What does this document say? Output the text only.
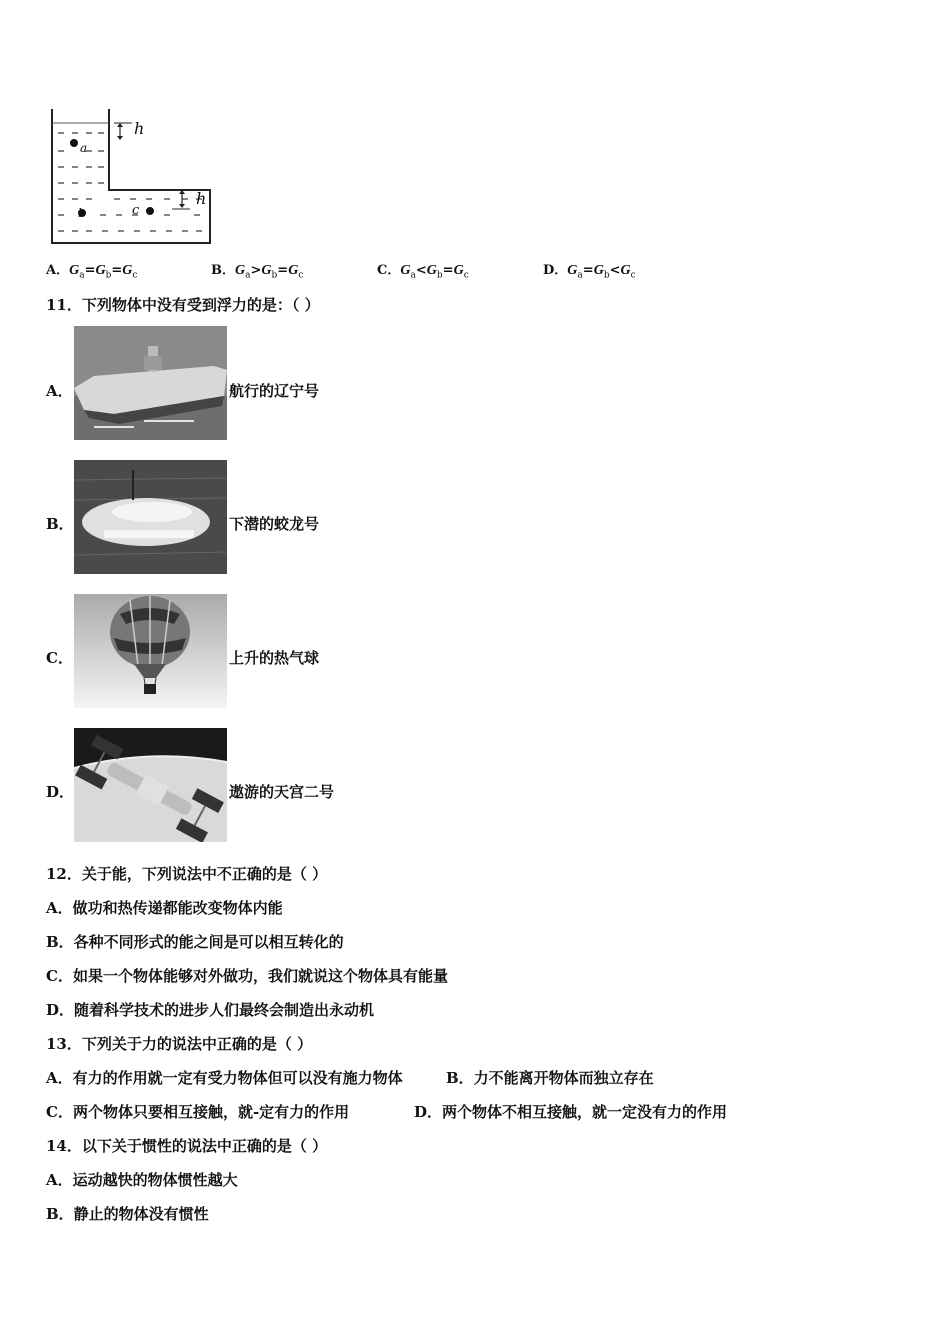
h
h
a
b	c
A．$G_a=G_b=G_c$	B．$G_a>G_b=G_c$	C．$G_a<G_b=G_c$	D．$G_a=G_b<G_c$
11．下列物体中没有受到浮力的是：（ ）
A．	航行的辽宁号
B．	下潜的蛟龙号
C．	上升的热气球
D．	遨游的天宫二号
12．关于能，下列说法中不正确的是（ ）
A．做功和热传递都能改变物体内能
B．各种不同形式的能之间是可以相互转化的
C．如果一个物体能够对外做功，我们就说这个物体具有能量
D．随着科学技术的进步人们最终会制造出永动机
13．下列关于力的说法中正确的是（ ）
A．有力的作用就一定有受力物体但可以没有施力物体	B．力不能离开物体而独立存在
C．两个物体只要相互接触，就-定有力的作用	D．两个物体不相互接触，就一定没有力的作用
14．以下关于惯性的说法中正确的是（ ）
A．运动越快的物体惯性越大
B．静止的物体没有惯性
